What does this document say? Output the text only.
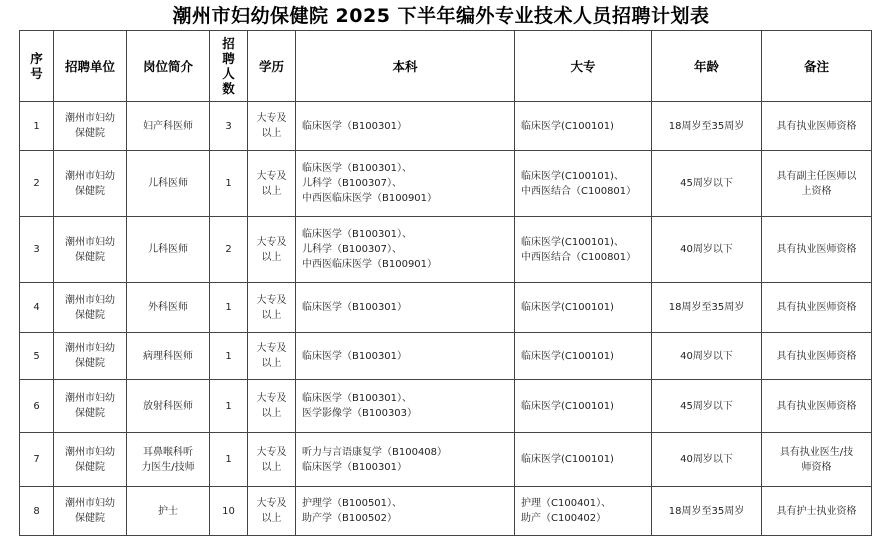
潮州市妇幼保健院 2025 下半年编外专业技术人员招聘计划表
序
号	招聘单位	岗位简介	招
聘
人
数	学历	本科	大专	年龄	备注
1	潮州市妇幼
保健院	妇产科医师	3	大专及
以上	临床医学（B100301）	临床医学(C100101)	18周岁至35周岁	具有执业医师资格

2	潮州市妇幼
保健院	儿科医师	1	大专及
以上	临床医学（B100301）、
儿科学（B100307）、
中西医临床医学（B100901）	临床医学(C100101)、
中西医结合（C100801）	45周岁以下	具有副主任医师以
上资格

3	潮州市妇幼
保健院	儿科医师	2	大专及
以上	临床医学（B100301）、
儿科学（B100307）、
中西医临床医学（B100901）	临床医学(C100101)、
中西医结合（C100801）	40周岁以下	具有执业医师资格

4	潮州市妇幼
保健院	外科医师	1	大专及
以上	临床医学（B100301）	临床医学(C100101)	18周岁至35周岁	具有执业医师资格

5	潮州市妇幼
保健院	病理科医师	1	大专及
以上	临床医学（B100301）	临床医学(C100101)	40周岁以下	具有执业医师资格

6	潮州市妇幼
保健院	放射科医师	1	大专及
以上	临床医学（B100301）、
医学影像学（B100303）	临床医学(C100101)	45周岁以下	具有执业医师资格

7	潮州市妇幼
保健院	耳鼻喉科听
力医生/技师	1	大专及
以上	听力与言语康复学（B100408）
临床医学（B100301）	临床医学(C100101)	40周岁以下	具有执业医生/技
师资格

8	潮州市妇幼
保健院	护士	10	大专及
以上	护理学（B100501）、
助产学（B100502）	护理（C100401）、
助产（C100402）	18周岁至35周岁	具有护士执业资格
